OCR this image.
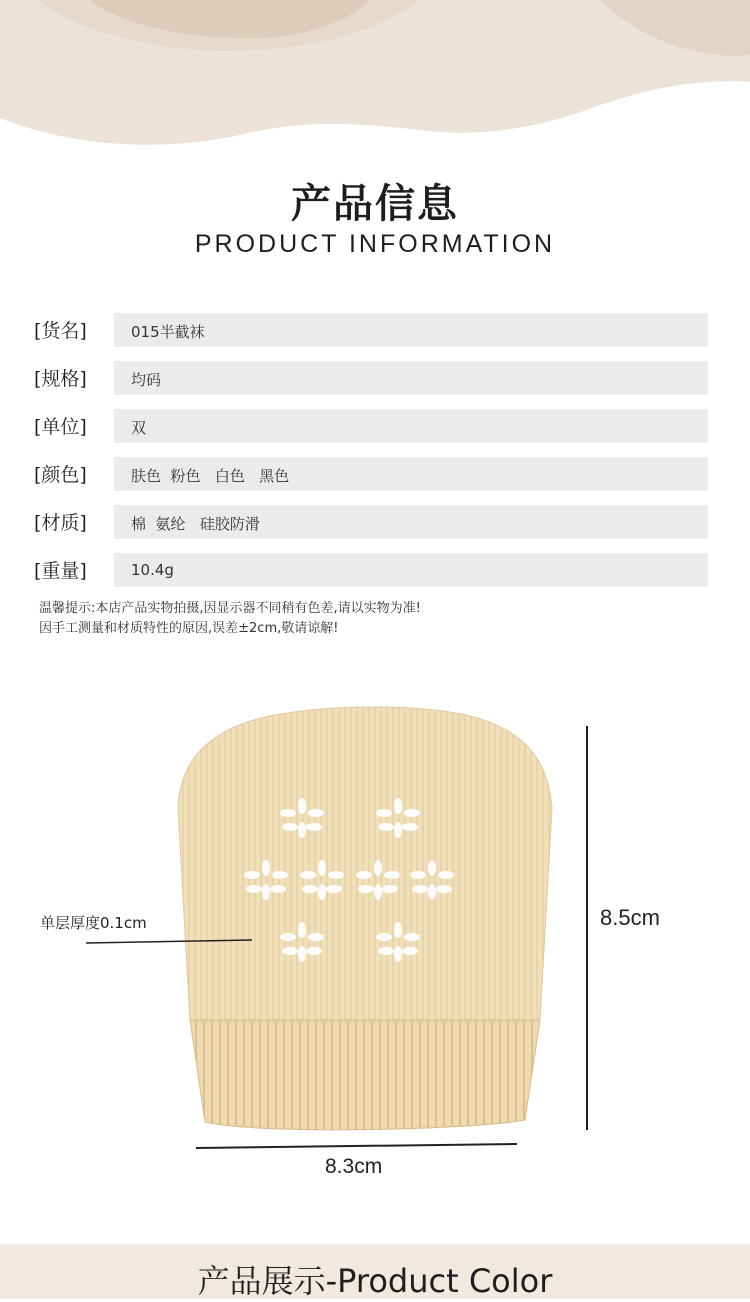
产品信息
PRODUCT INFORMATION
[货名]	015半截袜
[规格]	均码
[单位]	双
[颜色]	肤色  粉色   白色   黑色
[材质]	棉  氨纶   硅胶防滑
[重量]	10.4g
温馨提示:本店产品实物拍摄,因显示器不同稍有色差,请以实物为准!
因手工测量和材质特性的原因,误差±2cm,敬请谅解!
单层厚度0.1cm	8.5cm
8.3cm
产品展示-Product Color
